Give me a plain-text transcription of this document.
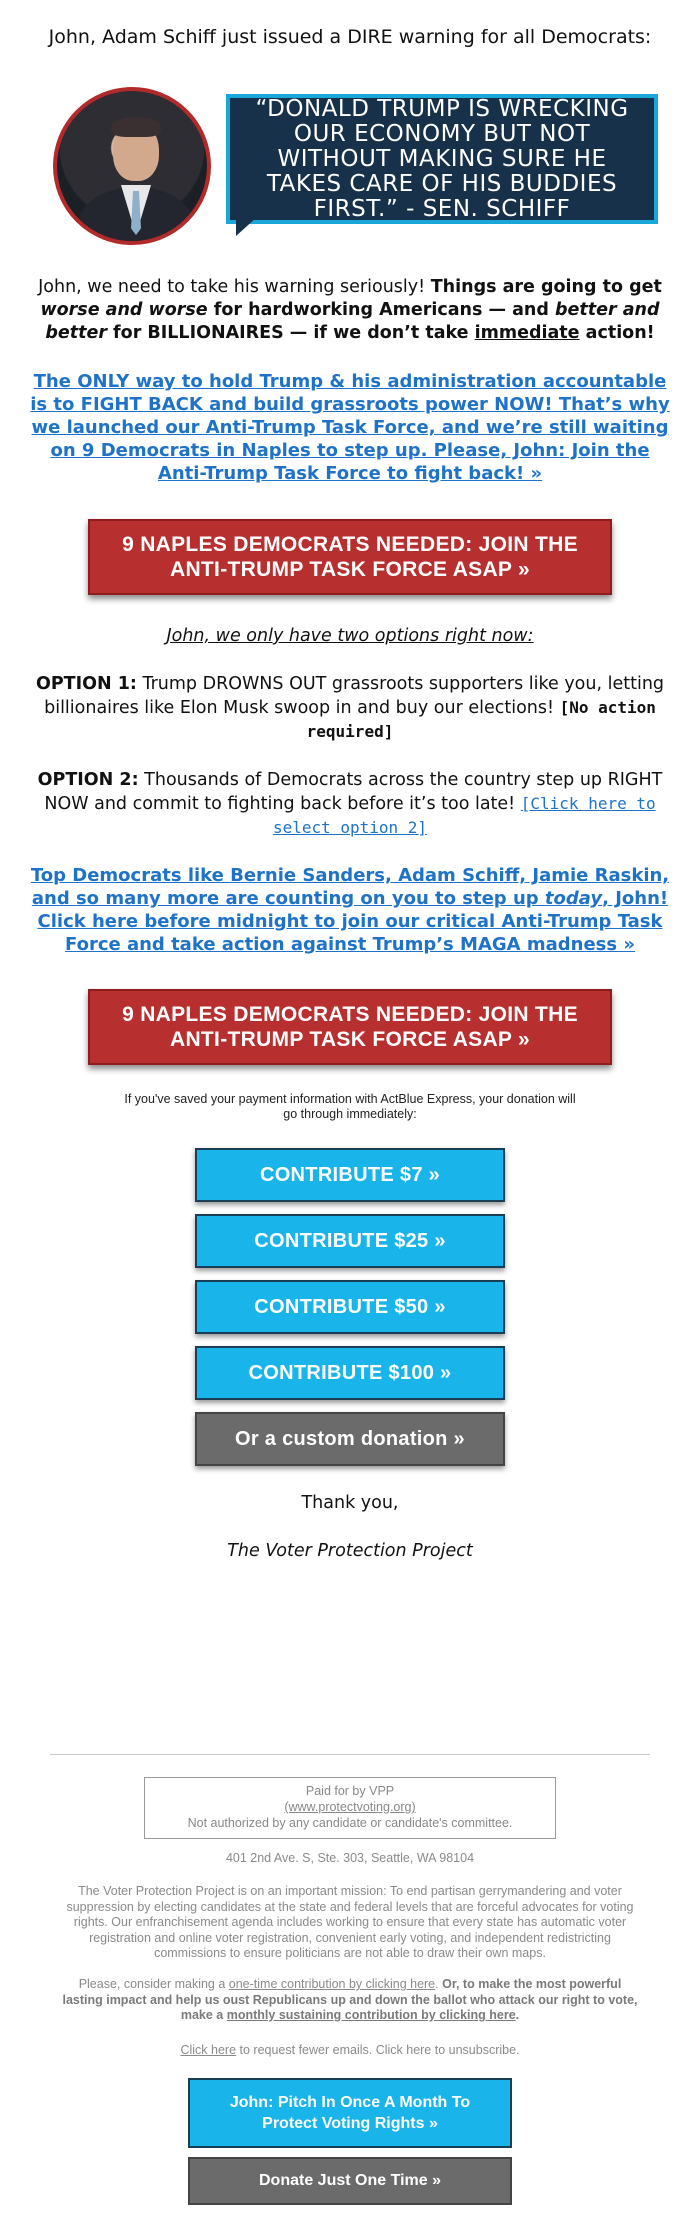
John, Adam Schiff just issued a DIRE warning for all Democrats:
“DONALD TRUMP IS WRECKING OUR ECONOMY BUT NOT WITHOUT MAKING SURE HE TAKES CARE OF HIS BUDDIES FIRST.” - SEN. SCHIFF

John, we need to take his warning seriously! Things are going to get worse and worse for hardworking Americans — and better and better for BILLIONAIRES — if we don’t take immediate action!

The ONLY way to hold Trump & his administration accountable is to FIGHT BACK and build grassroots power NOW! That’s why we launched our Anti-Trump Task Force, and we’re still waiting on 9 Democrats in Naples to step up. Please, John: Join the Anti-Trump Task Force to fight back! »

9 NAPLES DEMOCRATS NEEDED: JOIN THE ANTI-TRUMP TASK FORCE ASAP »

John, we only have two options right now:

OPTION 1: Trump DROWNS OUT grassroots supporters like you, letting billionaires like Elon Musk swoop in and buy our elections! [No action required]

OPTION 2: Thousands of Democrats across the country step up RIGHT NOW and commit to fighting back before it’s too late! [Click here to select option 2]

Top Democrats like Bernie Sanders, Adam Schiff, Jamie Raskin, and so many more are counting on you to step up today, John! Click here before midnight to join our critical Anti-Trump Task Force and take action against Trump’s MAGA madness »

9 NAPLES DEMOCRATS NEEDED: JOIN THE ANTI-TRUMP TASK FORCE ASAP »

If you've saved your payment information with ActBlue Express, your donation will go through immediately:

CONTRIBUTE $7 »
CONTRIBUTE $25 »
CONTRIBUTE $50 »
CONTRIBUTE $100 »
Or a custom donation »

Thank you,

The Voter Protection Project

Paid for by VPP
(www.protectvoting.org)
Not authorized by any candidate or candidate's committee.

401 2nd Ave. S, Ste. 303, Seattle, WA 98104

The Voter Protection Project is on an important mission: To end partisan gerrymandering and voter suppression by electing candidates at the state and federal levels that are forceful advocates for voting rights. Our enfranchisement agenda includes working to ensure that every state has automatic voter registration and online voter registration, convenient early voting, and independent redistricting commissions to ensure politicians are not able to draw their own maps.

Please, consider making a one-time contribution by clicking here. Or, to make the most powerful lasting impact and help us oust Republicans up and down the ballot who attack our right to vote, make a monthly sustaining contribution by clicking here.

Click here to request fewer emails. Click here to unsubscribe.

John: Pitch In Once A Month To Protect Voting Rights »
Donate Just One Time »
